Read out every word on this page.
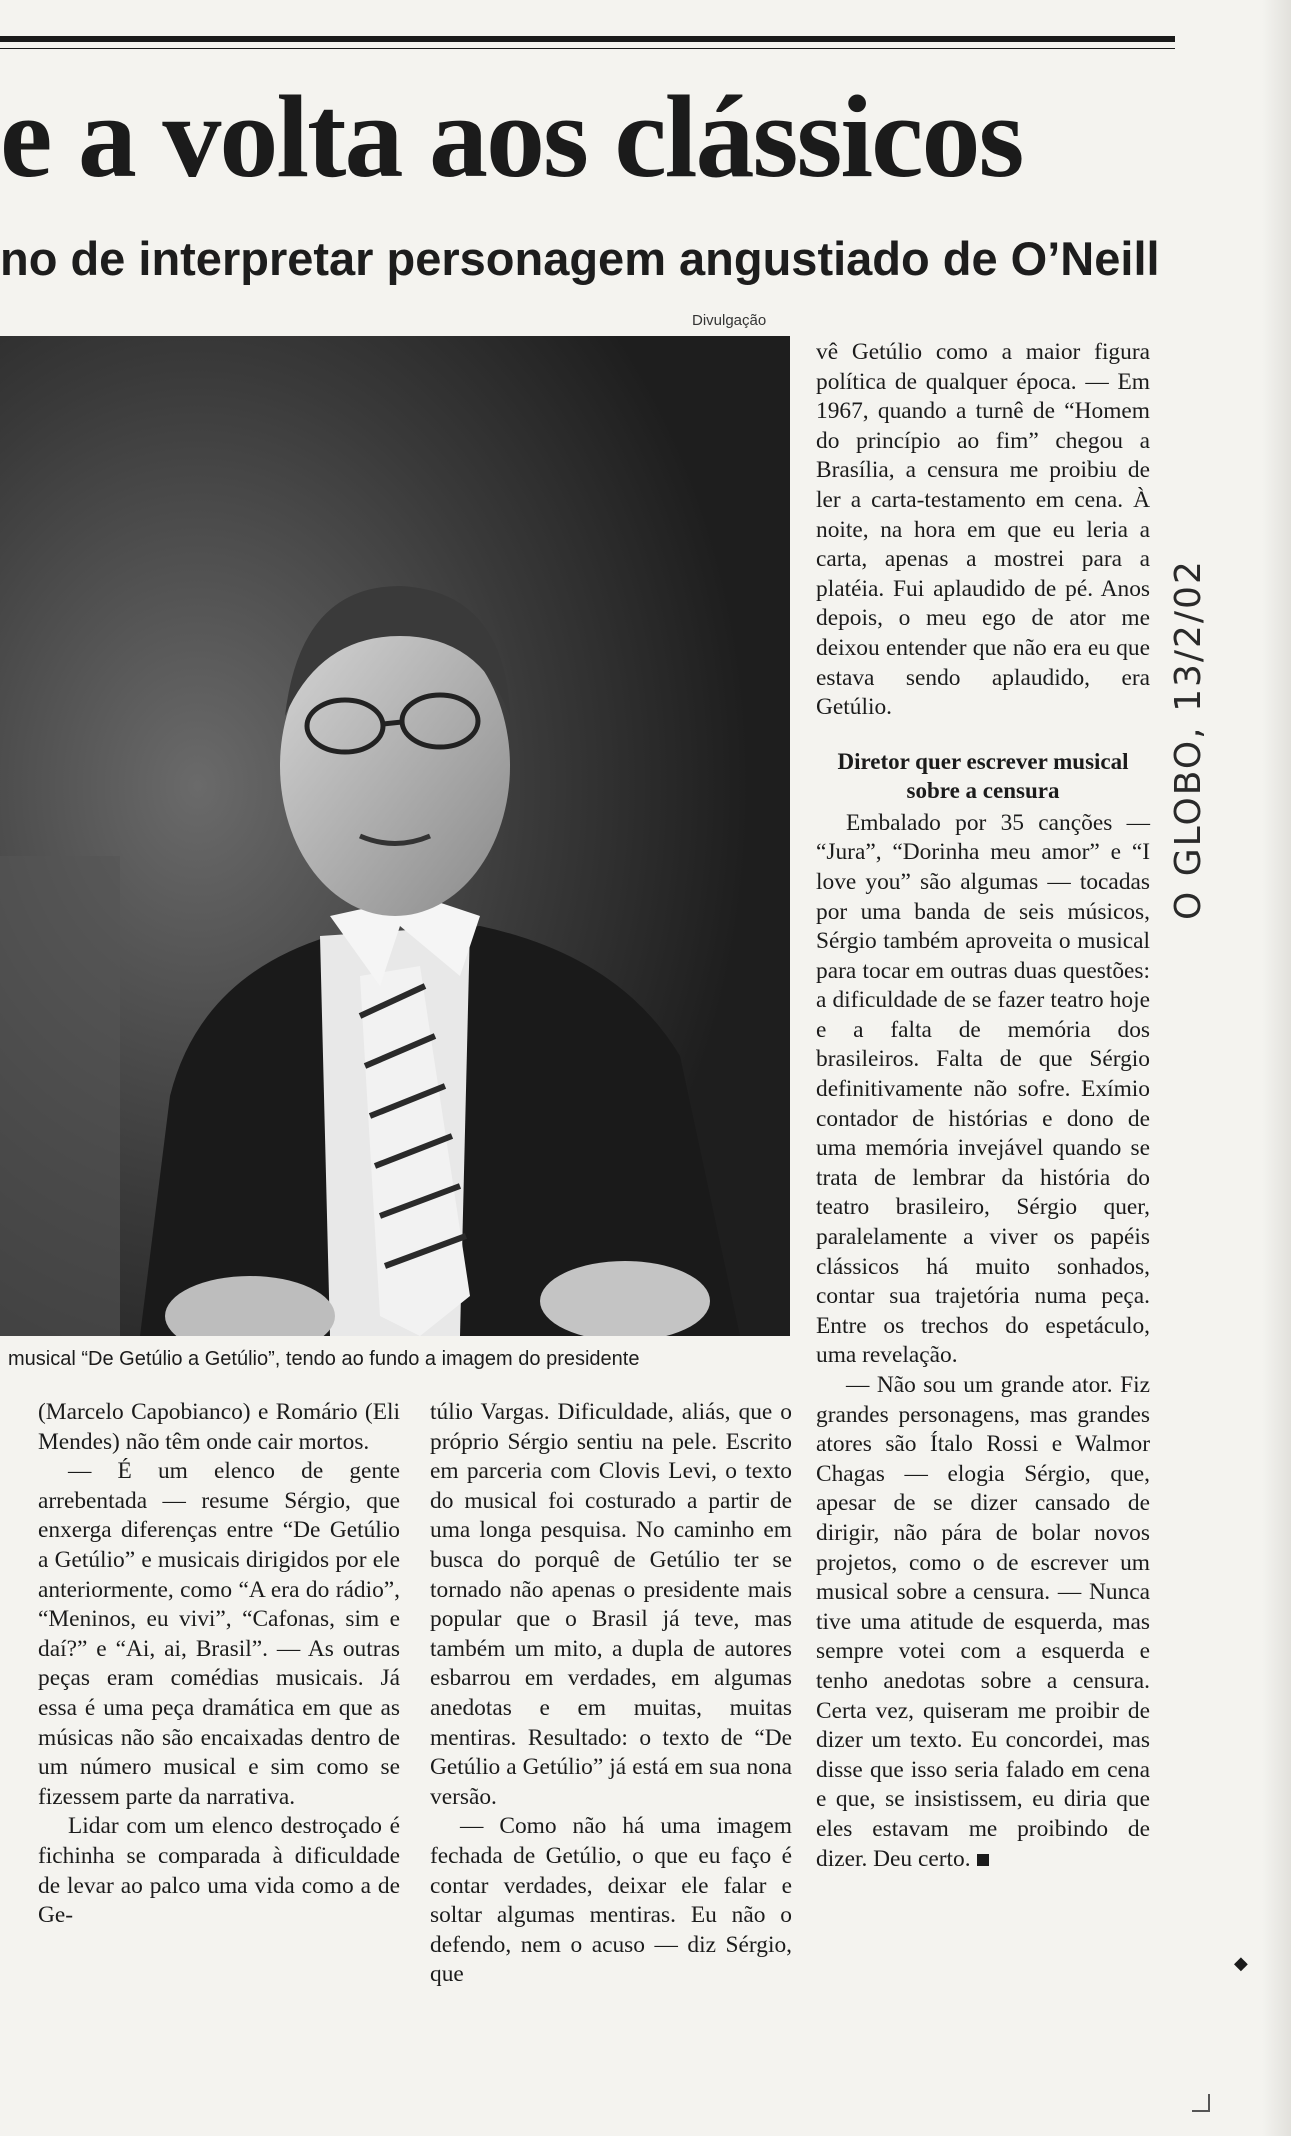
e a volta aos clássicos
no de interpretar personagem angustiado de O’Neill
Divulgação
musical “De Getúlio a Getúlio”, tendo ao fundo a imagem do presidente

(Marcelo Capobianco) e Romário (Eli Mendes) não têm onde cair mortos.

— É um elenco de gente arrebentada — resume Sérgio, que enxerga diferenças entre “De Getúlio a Getúlio” e musicais dirigidos por ele anteriormente, como “A era do rádio”, “Meninos, eu vivi”, “Cafonas, sim e daí?” e “Ai, ai, Brasil”. — As outras peças eram comédias musicais. Já essa é uma peça dramática em que as músicas não são encaixadas dentro de um número musical e sim como se fizessem parte da narrativa.

Lidar com um elenco destroçado é fichinha se comparada à dificuldade de levar ao palco uma vida como a de Ge-

túlio Vargas. Dificuldade, aliás, que o próprio Sérgio sentiu na pele. Escrito em parceria com Clovis Levi, o texto do musical foi costurado a partir de uma longa pesquisa. No caminho em busca do porquê de Getúlio ter se tornado não apenas o presidente mais popular que o Brasil já teve, mas também um mito, a dupla de autores esbarrou em verdades, em algumas anedotas e em muitas, muitas mentiras. Resultado: o texto de “De Getúlio a Getúlio” já está em sua nona versão.

— Como não há uma imagem fechada de Getúlio, o que eu faço é contar verdades, deixar ele falar e soltar algumas mentiras. Eu não o defendo, nem o acuso — diz Sérgio, que

vê Getúlio como a maior figura política de qualquer época. — Em 1967, quando a turnê de “Homem do princípio ao fim” chegou a Brasília, a censura me proibiu de ler a carta-testamento em cena. À noite, na hora em que eu leria a carta, apenas a mostrei para a platéia. Fui aplaudido de pé. Anos depois, o meu ego de ator me deixou entender que não era eu que estava sendo aplaudido, era Getúlio.

Diretor quer escrever musical sobre a censura

Embalado por 35 canções — “Jura”, “Dorinha meu amor” e “I love you” são algumas — tocadas por uma banda de seis músicos, Sérgio também aproveita o musical para tocar em outras duas questões: a dificuldade de se fazer teatro hoje e a falta de memória dos brasileiros. Falta de que Sérgio definitivamente não sofre. Exímio contador de histórias e dono de uma memória invejável quando se trata de lembrar da história do teatro brasileiro, Sérgio quer, paralelamente a viver os papéis clássicos há muito sonhados, contar sua trajetória numa peça. Entre os trechos do espetáculo, uma revelação.

— Não sou um grande ator. Fiz grandes personagens, mas grandes atores são Ítalo Rossi e Walmor Chagas — elogia Sérgio, que, apesar de se dizer cansado de dirigir, não pára de bolar novos projetos, como o de escrever um musical sobre a censura. — Nunca tive uma atitude de esquerda, mas sempre votei com a esquerda e tenho anedotas sobre a censura. Certa vez, quiseram me proibir de dizer um texto. Eu concordei, mas disse que isso seria falado em cena e que, se insistissem, eu diria que eles estavam me proibindo de dizer. Deu certo.

O GLOBO, 13/2/02
◆
